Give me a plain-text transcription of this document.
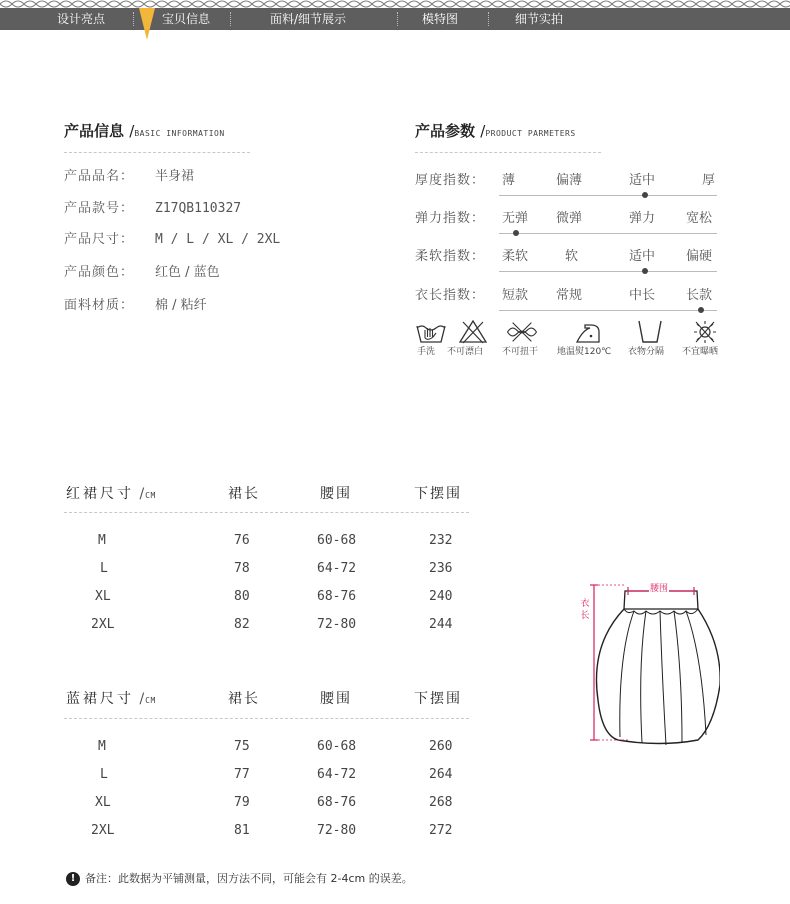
设计亮点	宝贝信息	面料/细节展示	模特图	细节实拍
产品信息 /BASIC INFORMATION
产品品名： 半身裙
产品款号： Z17QB110327
产品尺寸： M / L / XL / 2XL
产品颜色： 红色 / 蓝色
面料材质： 棉 / 粘纤
产品参数 /PRODUCT PARMETERS
厚度指数： 薄	偏薄	适中	厚
弹力指数： 无弹 微弹	弹力 宽松
柔软指数： 柔软	软	适中 偏硬
衣长指数： 短款 常规	中长 长款
手洗 不可漂白 不可扭干 地温熨120℃ 衣物分隔 不宜曝晒
红裙尺寸 /CM	裙长	腰围	下摆围
M	76	60-68	232
L	78	64-72	236
XL	80	68-76	240
2XL	82	72-80	244
蓝裙尺寸 /CM	裙长	腰围	下摆围
M	75	60-68	260
L	77	64-72	264
XL	79	68-76	268
2XL	81	72-80	272
腰围
衣长
! 备注：此数据为平铺测量，因方法不同，可能会有 2-4cm 的误差。
